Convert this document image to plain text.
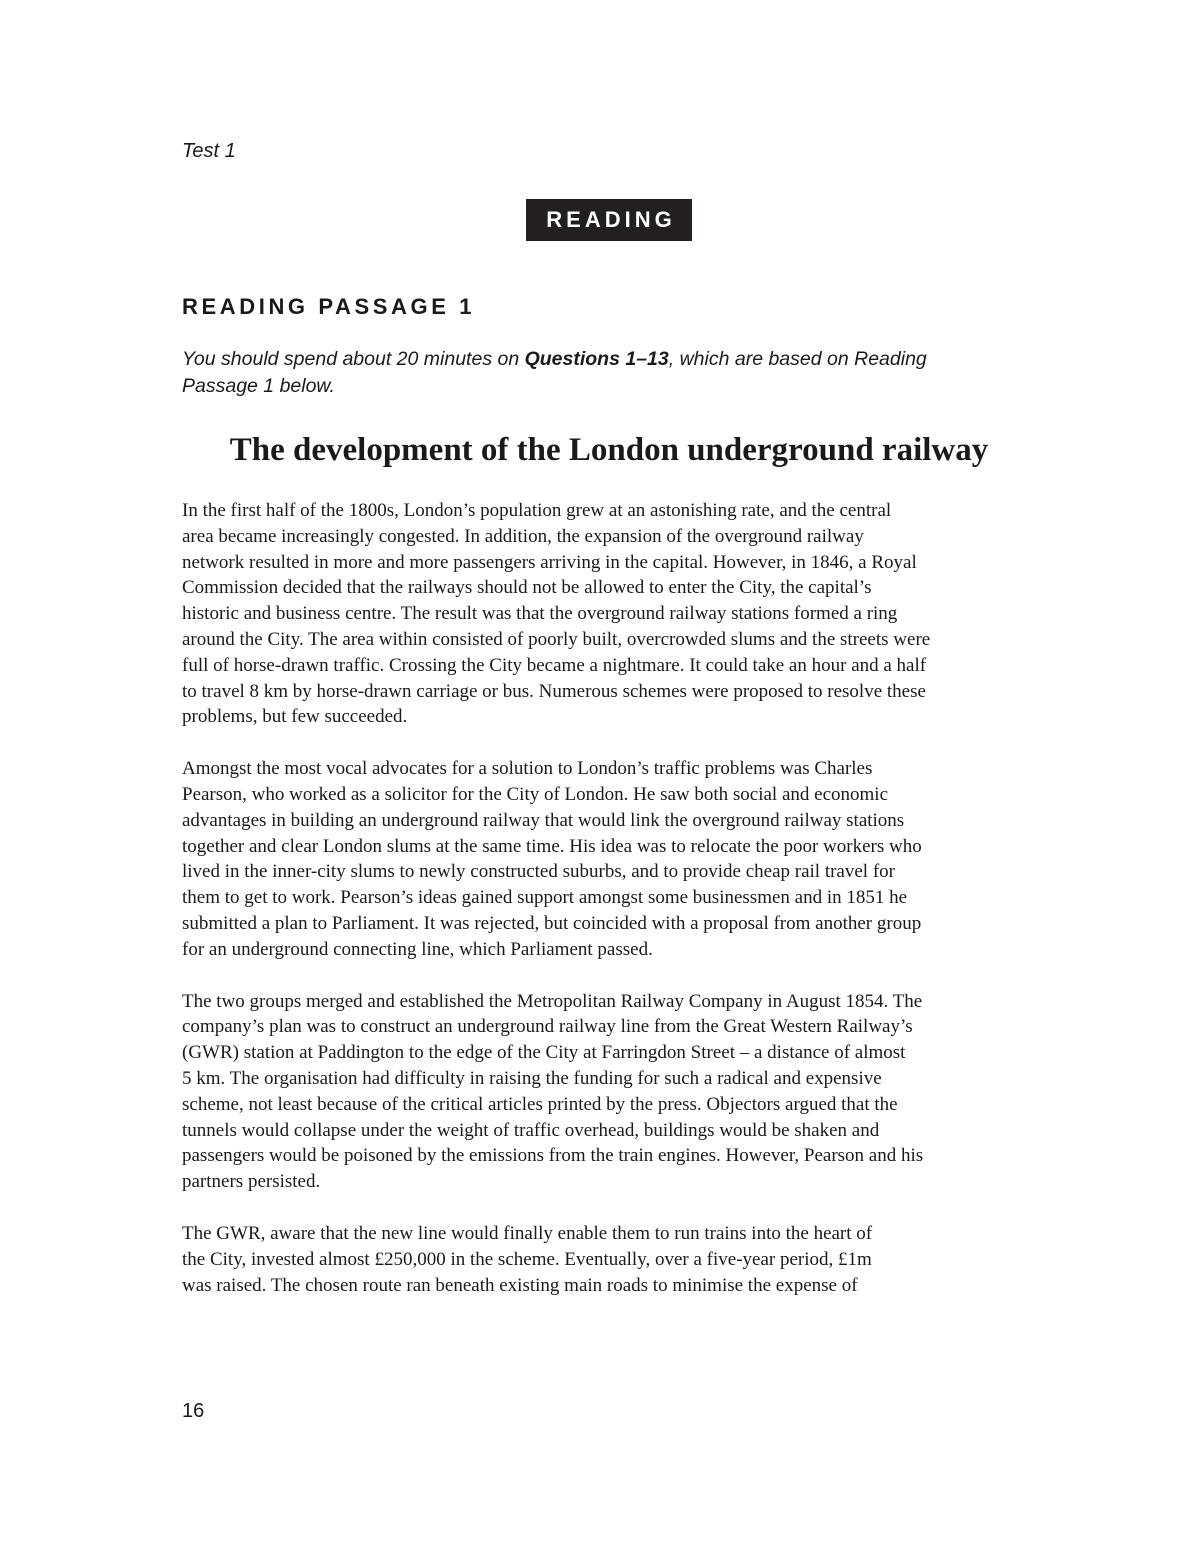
Test 1
READING
READING PASSAGE 1
You should spend about 20 minutes on Questions 1–13, which are based on Reading
Passage 1 below.
The development of the London underground railway
In the first half of the 1800s, London’s population grew at an astonishing rate, and the central
area became increasingly congested. In addition, the expansion of the overground railway
network resulted in more and more passengers arriving in the capital. However, in 1846, a Royal
Commission decided that the railways should not be allowed to enter the City, the capital’s
historic and business centre. The result was that the overground railway stations formed a ring
around the City. The area within consisted of poorly built, overcrowded slums and the streets were
full of horse-drawn traffic. Crossing the City became a nightmare. It could take an hour and a half
to travel 8 km by horse-drawn carriage or bus. Numerous schemes were proposed to resolve these
problems, but few succeeded.
Amongst the most vocal advocates for a solution to London’s traffic problems was Charles
Pearson, who worked as a solicitor for the City of London. He saw both social and economic
advantages in building an underground railway that would link the overground railway stations
together and clear London slums at the same time. His idea was to relocate the poor workers who
lived in the inner-city slums to newly constructed suburbs, and to provide cheap rail travel for
them to get to work. Pearson’s ideas gained support amongst some businessmen and in 1851 he
submitted a plan to Parliament. It was rejected, but coincided with a proposal from another group
for an underground connecting line, which Parliament passed.
The two groups merged and established the Metropolitan Railway Company in August 1854. The
company’s plan was to construct an underground railway line from the Great Western Railway’s
(GWR) station at Paddington to the edge of the City at Farringdon Street – a distance of almost
5 km. The organisation had difficulty in raising the funding for such a radical and expensive
scheme, not least because of the critical articles printed by the press. Objectors argued that the
tunnels would collapse under the weight of traffic overhead, buildings would be shaken and
passengers would be poisoned by the emissions from the train engines. However, Pearson and his
partners persisted.
The GWR, aware that the new line would finally enable them to run trains into the heart of
the City, invested almost £250,000 in the scheme. Eventually, over a five-year period, £1m
was raised. The chosen route ran beneath existing main roads to minimise the expense of
16
